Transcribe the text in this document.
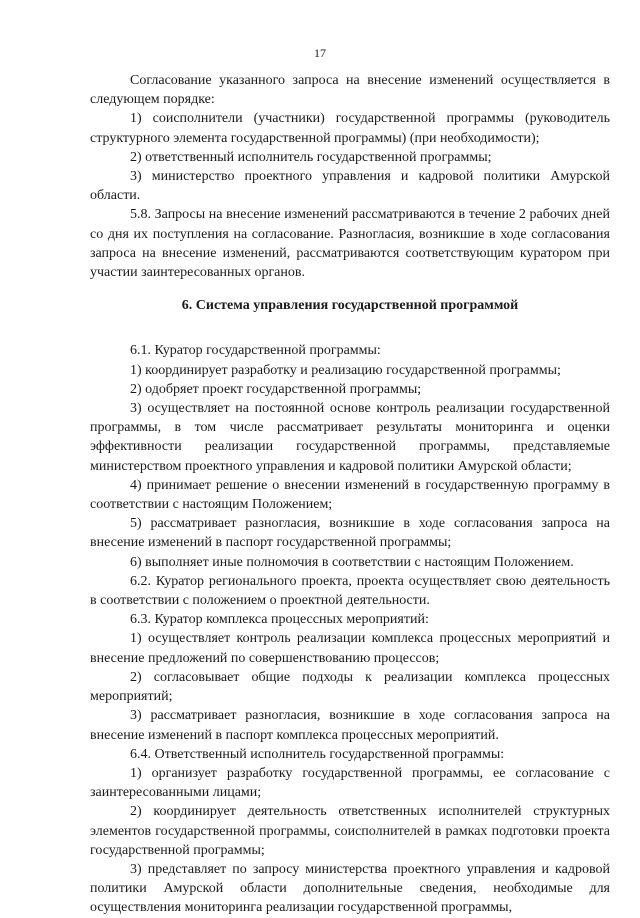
17

Согласование указанного запроса на внесение изменений осуществляется в следующем порядке:

1) соисполнители (участники) государственной программы (руководитель структурного элемента государственной программы) (при необходимости);

2) ответственный исполнитель государственной программы;

3) министерство проектного управления и кадровой политики Амурской области.

5.8. Запросы на внесение изменений рассматриваются в течение 2 рабочих дней со дня их поступления на согласование. Разногласия, возникшие в ходе согласования запроса на внесение изменений, рассматриваются соответствующим куратором при участии заинтересованных органов.

6. Система управления государственной программой

6.1. Куратор государственной программы:

1) координирует разработку и реализацию государственной программы;

2) одобряет проект государственной программы;

3) осуществляет на постоянной основе контроль реализации государственной программы, в том числе рассматривает результаты мониторинга и оценки эффективности реализации государственной программы, представляемые министерством проектного управления и кадровой политики Амурской области;

4) принимает решение о внесении изменений в государственную программу в соответствии с настоящим Положением;

5) рассматривает разногласия, возникшие в ходе согласования запроса на внесение изменений в паспорт государственной программы;

6) выполняет иные полномочия в соответствии с настоящим Положением.

6.2. Куратор регионального проекта, проекта осуществляет свою деятельность в соответствии с положением о проектной деятельности.

6.3. Куратор комплекса процессных мероприятий:

1) осуществляет контроль реализации комплекса процессных мероприятий и внесение предложений по совершенствованию процессов;

2) согласовывает общие подходы к реализации комплекса процессных мероприятий;

3) рассматривает разногласия, возникшие в ходе согласования запроса на внесение изменений в паспорт комплекса процессных мероприятий.

6.4. Ответственный исполнитель государственной программы:

1) организует разработку государственной программы, ее согласование с заинтересованными лицами;

2) координирует деятельность ответственных исполнителей структурных элементов государственной программы, соисполнителей в рамках подготовки проекта государственной программы;

3) представляет по запросу министерства проектного управления и кадровой политики Амурской области дополнительные сведения, необходимые для осуществления мониторинга реализации государственной программы,
